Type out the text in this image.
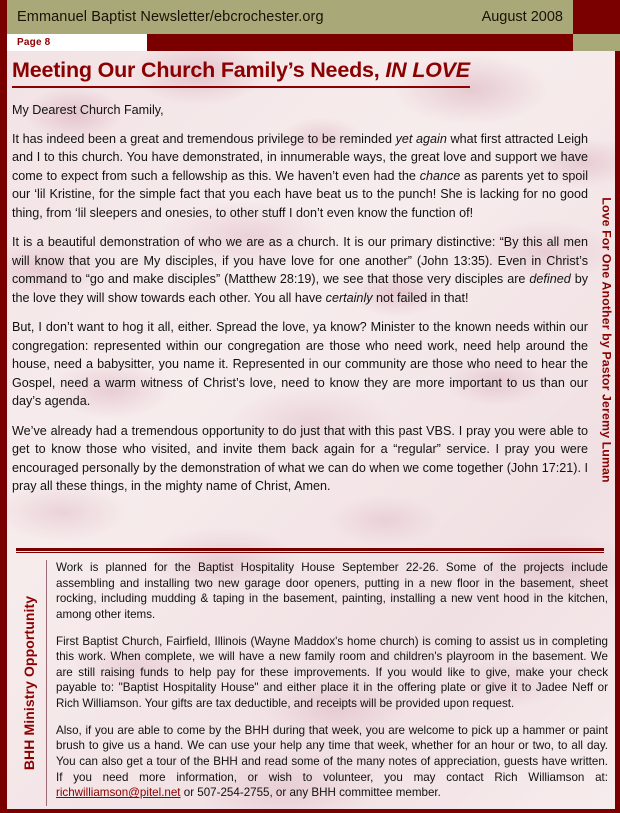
Emmanuel Baptist Newsletter/ebcrochester.org	August 2008
Page 8
Meeting Our Church Family’s Needs, IN LOVE

My Dearest Church Family,

It has indeed been a great and tremendous privilege to be reminded yet again what first attracted Leigh and I to this church. You have demonstrated, in innumerable ways, the great love and support we have come to expect from such a fellowship as this. We haven’t even had the chance as parents yet to spoil our ‘lil Kristine, for the simple fact that you each have beat us to the punch! She is lacking for no good thing, from ‘lil sleepers and onesies, to other stuff I don’t even know the function of!

It is a beautiful demonstration of who we are as a church. It is our primary distinctive: “By this all men will know that you are My disciples, if you have love for one another” (John 13:35). Even in Christ’s command to “go and make disciples” (Matthew 28:19), we see that those very disciples are defined by the love they will show towards each other. You all have certainly not failed in that!

But, I don’t want to hog it all, either. Spread the love, ya know? Minister to the known needs within our congregation: represented within our congregation are those who need work, need help around the house, need a babysitter, you name it. Represented in our community are those who need to hear the Gospel, need a warm witness of Christ’s love, need to know they are more important to us than our day’s agenda.

We’ve already had a tremendous opportunity to do just that with this past VBS. I pray you were able to get to know those who visited, and invite them back again for a “regular” service. I pray you were encouraged personally by the demonstration of what we can do when we come together (John 17:21). I pray all these things, in the mighty name of Christ, Amen.

Love For One Another by Pastor Jeremy Luman
BHH Ministry Opportunity

Work is planned for the Baptist Hospitality House September 22-26. Some of the projects include assembling and installing two new garage door openers, putting in a new floor in the basement, sheet rocking, including mudding & taping in the basement, painting, installing a new vent hood in the kitchen, among other items.

First Baptist Church, Fairfield, Illinois (Wayne Maddox's home church) is coming to assist us in completing this work. When complete, we will have a new family room and children's playroom in the basement. We are still raising funds to help pay for these improvements. If you would like to give, make your check payable to: "Baptist Hospitality House" and either place it in the offering plate or give it to Jadee Neff or Rich Williamson. Your gifts are tax deductible, and receipts will be provided upon request.

Also, if you are able to come by the BHH during that week, you are welcome to pick up a hammer or paint brush to give us a hand. We can use your help any time that week, whether for an hour or two, to all day. You can also get a tour of the BHH and read some of the many notes of appreciation, guests have written. If you need more information, or wish to volunteer, you may contact Rich Williamson at: richwilliamson@pitel.net or 507-254-2755, or any BHH committee member.
